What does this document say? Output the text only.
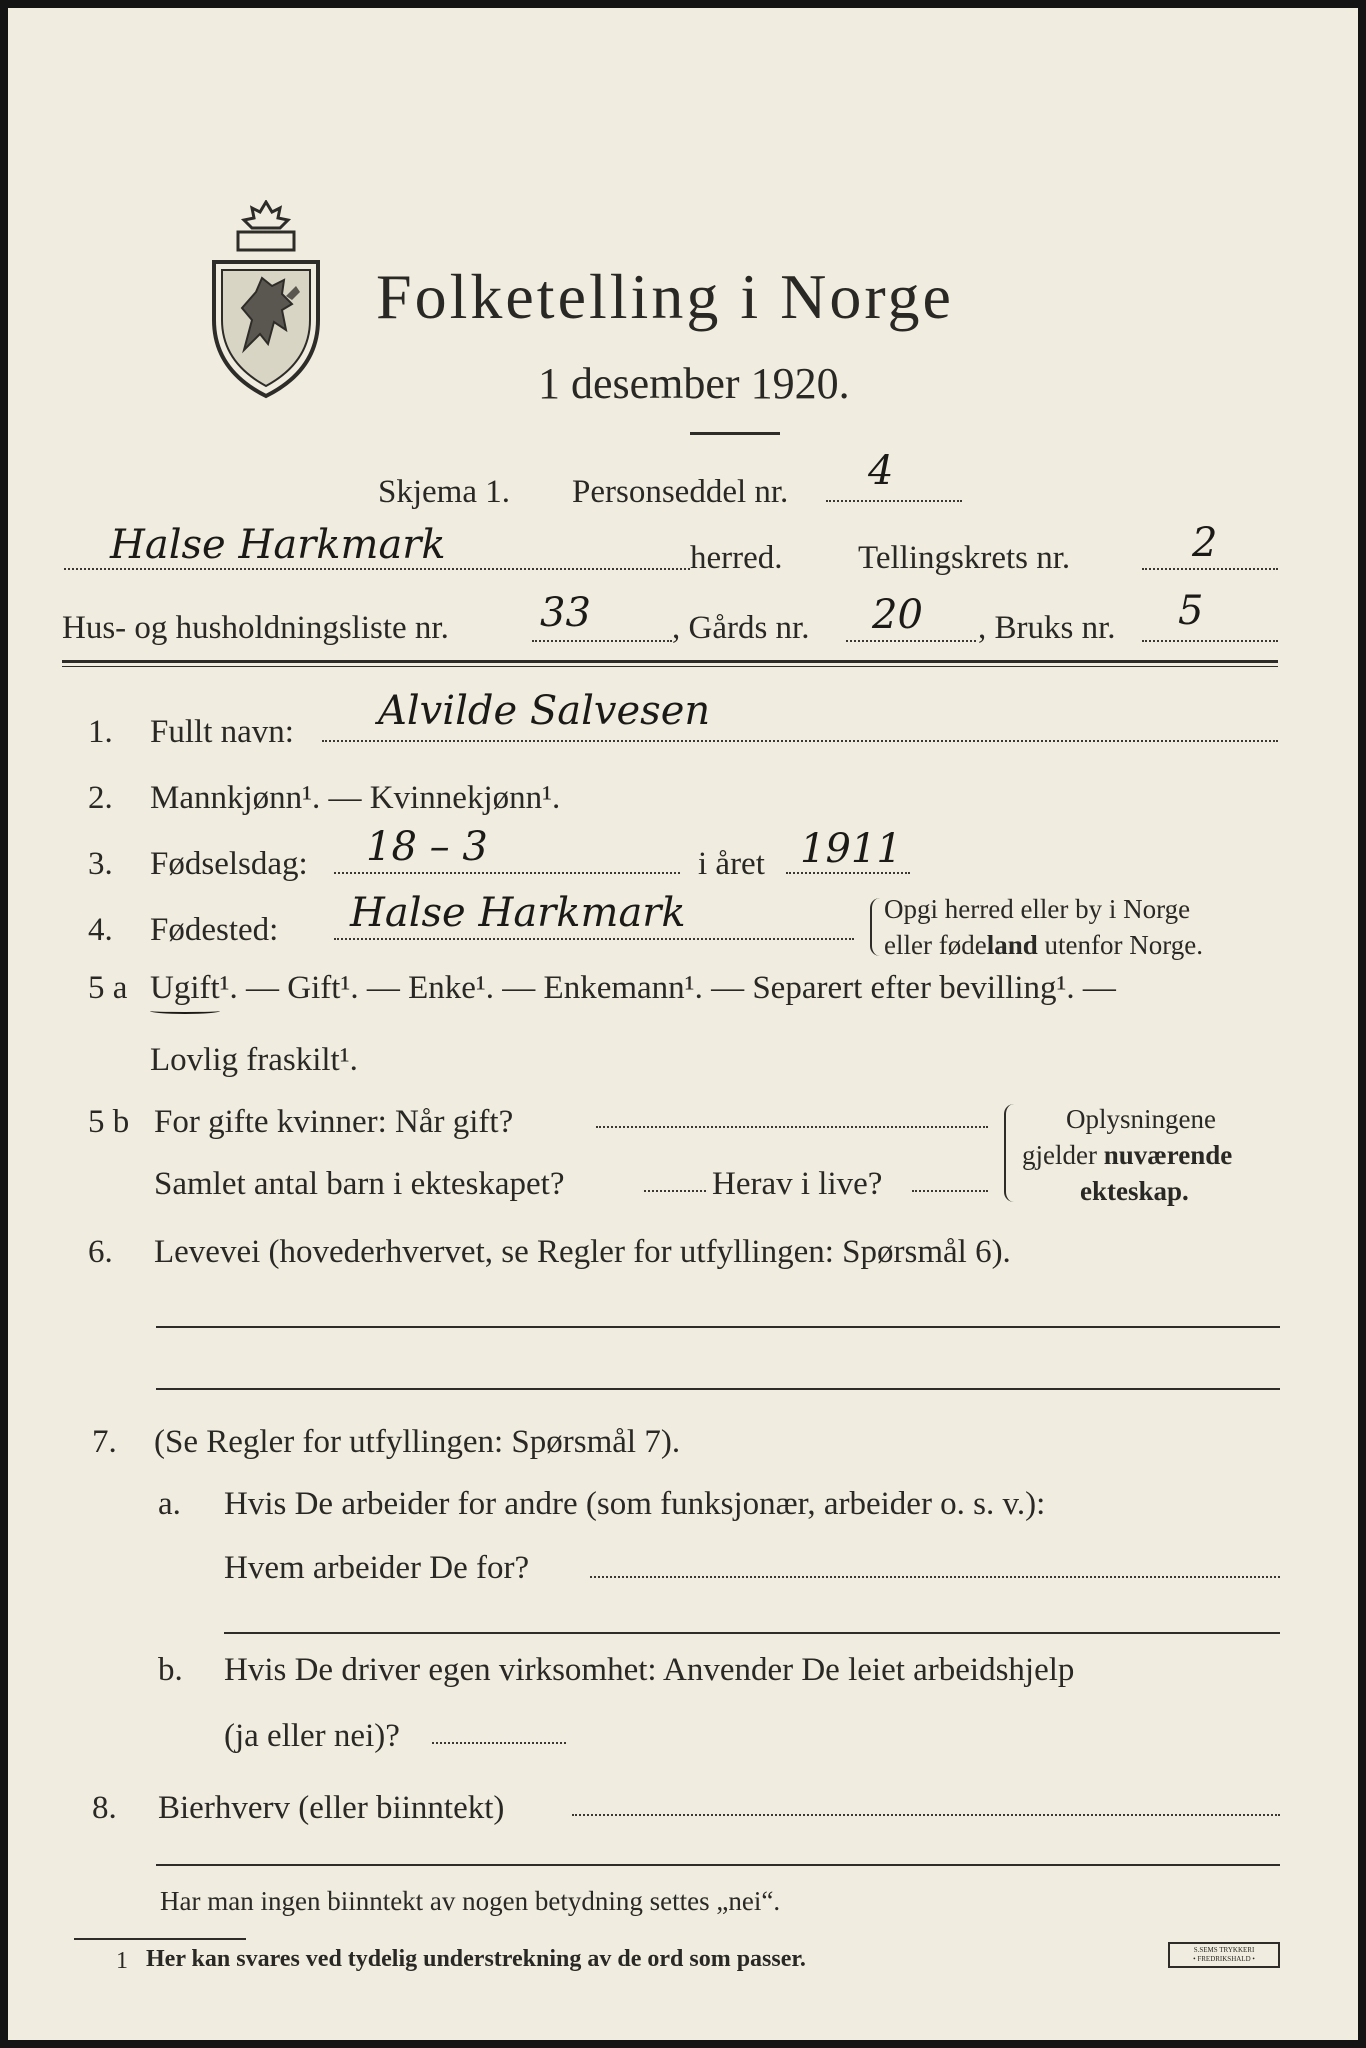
Folketelling i Norge
1 desember 1920.
Skjema 1. Personseddel nr. 4
Halse Harkmark	herred. Tellingskrets nr.	2
Hus- og husholdningsliste nr. 33 , Gårds nr. 20 , Bruks nr. 5
1. Fullt navn: Alvilde Salvesen
2. Mannkjønn¹. — Kvinnekjønn¹.
3. Fødselsdag: 18 – 3	i året 1911
4. Fødested: Halse Harkmark	Opgi herred eller by i Norge
eller fødeland utenfor Norge.
5 a Ugift¹. — Gift¹. — Enke¹. — Enkemann¹. — Separert efter bevilling¹. —
Lovlig fraskilt¹.
5 b For gifte kvinner: Når gift?
Samlet antal barn i ekteskapet?	Herav i live?
Oplysningene
gjelder nuværende
ekteskap.
6. Levevei (hovederhvervet, se Regler for utfyllingen: Spørsmål 6).
7. (Se Regler for utfyllingen: Spørsmål 7).
a. Hvis De arbeider for andre (som funksjonær, arbeider o. s. v.):
Hvem arbeider De for?
b. Hvis De driver egen virksomhet: Anvender De leiet arbeidshjelp
(ja eller nei)?
8. Bierhverv (eller biinntekt)
Har man ingen biinntekt av nogen betydning settes „nei“.
1 Her kan svares ved tydelig understrekning av de ord som passer.	S.SEMS TRYKKERI
• FREDRIKSHALD •
